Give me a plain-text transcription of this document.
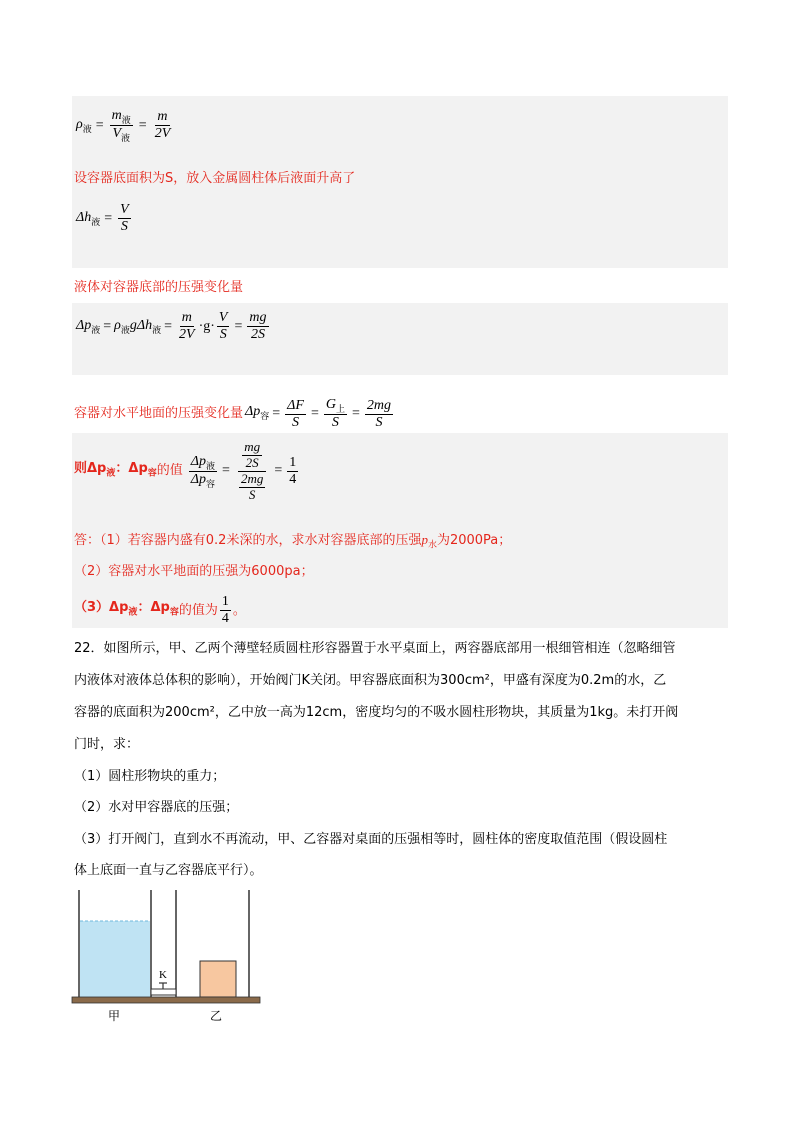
$\rho_液 = \frac{m_液}{V_液} = \frac{m}{2V}$
设容器底面积为S，放入金属圆柱体后液面升高了
$\Delta h_液 = \frac{V}{S}$
液体对容器底部的压强变化量
$\Delta p_液 = \rho_液$ $g\Delta h_液 = \frac{m}{2V} \cdot g\cdot \frac{V}{S} = \frac{mg}{2S}$
容器对水平地面的压强变化量 $\Delta p_容 = \frac{\Delta F}{S} = \frac{G_上}{S} = \frac{2mg}{S}$
则$\Delta p_液$：$\Delta p_容$ 的值 $\frac{\Delta p_液}{\Delta p_容} = \frac{\frac{mg}{2S}}{\frac{2mg}{S}} = \frac{1}{4}$
答：（1）若容器内盛有0.2米深的水，求水对容器底部的压强$p_水$为2000Pa；
（2）容器对水平地面的压强为6000pa；
$(3)\Delta p_液$：$\Delta p_容$ 的值为 $\frac{1}{4}$ 。
22．如图所示，甲、乙两个薄壁轻质圆柱形容器置于水平桌面上，两容器底部用一根细管相连（忽略细管
内液体对液体总体积的影响），开始阀门K关闭。甲容器底面积为300cm²，甲盛有深度为0.2m的水，乙
容器的底面积为200cm²，乙中放一高为12cm，密度均匀的不吸水圆柱形物块，其质量为1kg。未打开阀
门时，求：
（1）圆柱形物块的重力；
（2）水对甲容器底的压强；
（3）打开阀门，直到水不再流动，甲、乙容器对桌面的压强相等时，圆柱体的密度取值范围（假设圆柱
体上底面一直与乙容器底平行）。
K
甲	乙
